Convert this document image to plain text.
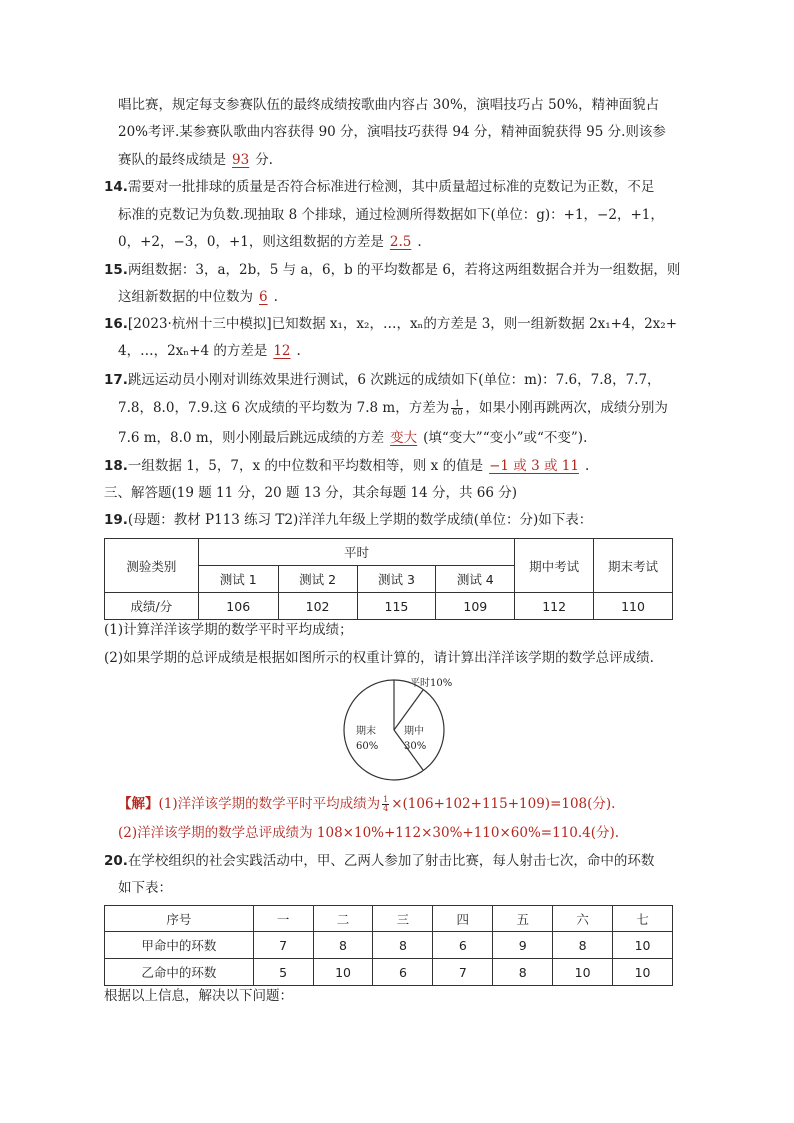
唱比赛，规定每支参赛队伍的最终成绩按歌曲内容占 30%，演唱技巧占 50%，精神面貌占
20%考评.某参赛队歌曲内容获得 90 分，演唱技巧获得 94 分，精神面貌获得 95 分.则该参
赛队的最终成绩是 93 分.
14.需要对一批排球的质量是否符合标准进行检测，其中质量超过标准的克数记为正数，不足
标准的克数记为负数.现抽取 8 个排球，通过检测所得数据如下(单位：g)：+1，−2，+1，
0，+2，−3，0，+1，则这组数据的方差是 2.5 .
15.两组数据：3，a，2b，5 与 a，6，b 的平均数都是 6，若将这两组数据合并为一组数据，则
这组新数据的中位数为 6 .
16.[2023·杭州十三中模拟]已知数据 x₁，x₂，…，xₙ的方差是 3，则一组新数据 2x₁+4，2x₂+
4，…，2xₙ+4 的方差是 12 .
17.跳远运动员小刚对训练效果进行测试，6 次跳远的成绩如下(单位：m)：7.6，7.8，7.7，
7.8，8.0，7.9.这 6 次成绩的平均数为 7.8 m，方差为 $\frac{1}{60}$ ，如果小刚再跳两次，成绩分别为
7.6 m，8.0 m，则小刚最后跳远成绩的方差 变大 (填“变大”“变小”或“不变”).
18.一组数据 1，5，7，x 的中位数和平均数相等，则 x 的值是 −1 或 3 或 11 .
三、解答题(19 题 11 分，20 题 13 分，其余每题 14 分，共 66 分)
19.(母题：教材 P113 练习 T2)洋洋九年级上学期的数学成绩(单位：分)如下表：
测验类别	平时				期中考试	期末考试
	测试 1	测试 2	测试 3	测试 4		
成绩/分	106	102	115	109	112	110
(1)计算洋洋该学期的数学平时平均成绩；
(2)如果学期的总评成绩是根据如图所示的权重计算的，请计算出洋洋该学期的数学总评成绩.
平时10%
期中
30%
期末
60%
【解】(1)洋洋该学期的数学平时平均成绩为 $\frac{1}{4} \times(106+102+115+109)=108$(分).
(2)洋洋该学期的数学总评成绩为 108×10%+112×30%+110×60%=110.4(分).
20.在学校组织的社会实践活动中，甲、乙两人参加了射击比赛，每人射击七次，命中的环数
如下表：
序号	一	二	三	四	五	六	七
甲命中的环数	7	8	8	6	9	8	10
乙命中的环数	5	10	6	7	8	10	10
根据以上信息，解决以下问题：
